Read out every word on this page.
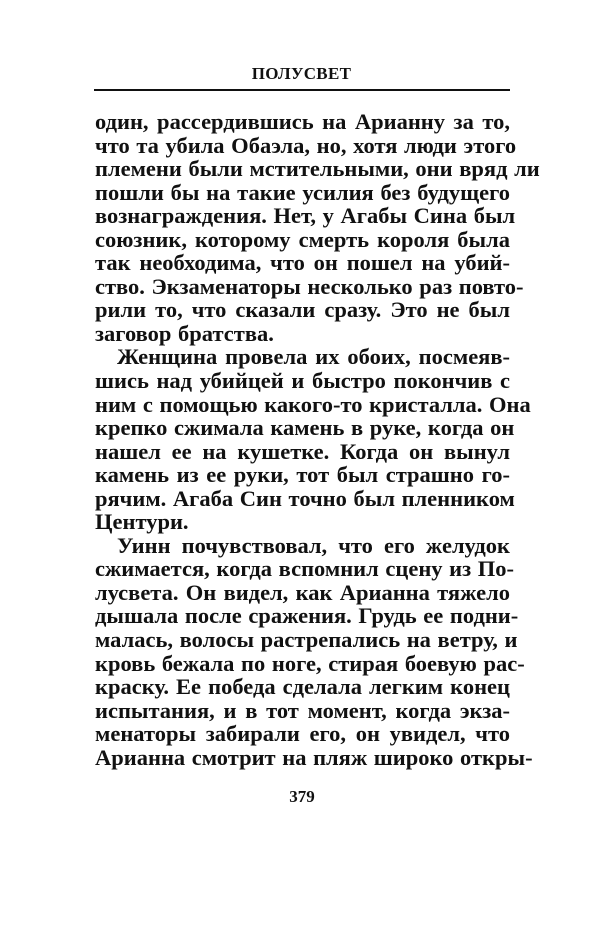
ПОЛУСВЕТ
один, рассердившись на Арианну за то,
что та убила Обаэла, но, хотя люди этого
племени были мстительными, они вряд ли
пошли бы на такие усилия без будущего
вознаграждения. Нет, у Агабы Сина был
союзник, которому смерть короля была
так необходима, что он пошел на убий-
ство. Экзаменаторы несколько раз повто-
рили то, что сказали сразу. Это не был
заговор братства.
Женщина провела их обоих, посмеяв-
шись над убийцей и быстро покончив с
ним с помощью какого-то кристалла. Она
крепко сжимала камень в руке, когда он
нашел ее на кушетке. Когда он вынул
камень из ее руки, тот был страшно го-
рячим. Агаба Син точно был пленником
Центури.
Уинн почувствовал, что его желудок
сжимается, когда вспомнил сцену из По-
лусвета. Он видел, как Арианна тяжело
дышала после сражения. Грудь ее подни-
малась, волосы растрепались на ветру, и
кровь бежала по ноге, стирая боевую рас-
краску. Ее победа сделала легким конец
испытания, и в тот момент, когда экза-
менаторы забирали его, он увидел, что
Арианна смотрит на пляж широко откры-
379
